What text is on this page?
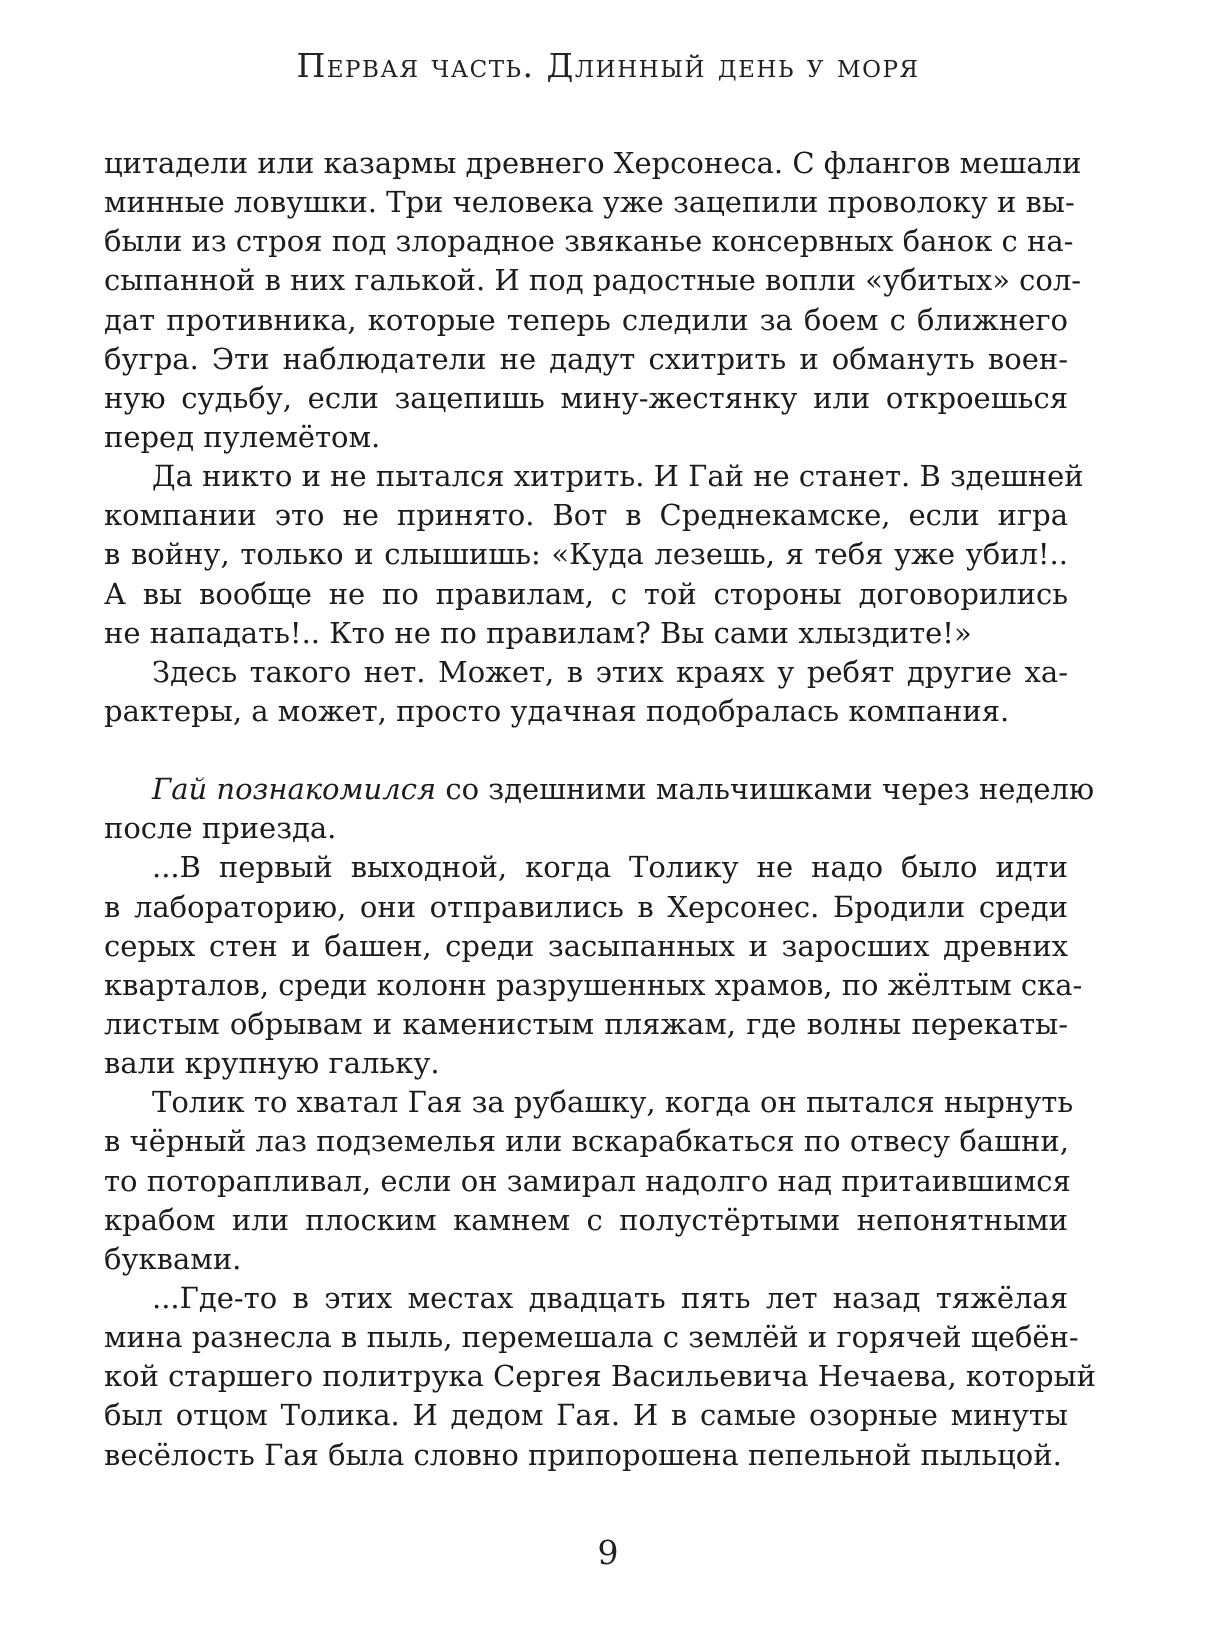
Первая часть. Длинный день у моря
цитадели или казармы древнего Херсонеса. С флангов мешали
минные ловушки. Три человека уже зацепили проволоку и вы-
были из строя под злорадное звяканье консервных банок с на-
сыпанной в них галькой. И под радостные вопли «убитых» сол-
дат противника, которые теперь следили за боем с ближнего
бугра. Эти наблюдатели не дадут схитрить и обмануть воен-
ную судьбу, если зацепишь мину-жестянку или откроешься
перед пулемётом.
Да никто и не пытался хитрить. И Гай не станет. В здешней
компании это не принято. Вот в Среднекамске, если игра
в войну, только и слышишь: «Куда лезешь, я тебя уже убил!..
А вы вообще не по правилам, с той стороны договорились
не нападать!.. Кто не по правилам? Вы сами хлыздите!»
Здесь такого нет. Может, в этих краях у ребят другие ха-
рактеры, а может, просто удачная подобралась компания.
Гай познакомился со здешними мальчишками через неделю
после приезда.
...В первый выходной, когда Толику не надо было идти
в лабораторию, они отправились в Херсонес. Бродили среди
серых стен и башен, среди засыпанных и заросших древних
кварталов, среди колонн разрушенных храмов, по жёлтым ска-
листым обрывам и каменистым пляжам, где волны перекаты-
вали крупную гальку.
Толик то хватал Гая за рубашку, когда он пытался нырнуть
в чёрный лаз подземелья или вскарабкаться по отвесу башни,
то поторапливал, если он замирал надолго над притаившимся
крабом или плоским камнем с полустёртыми непонятными
буквами.
...Где-то в этих местах двадцать пять лет назад тяжёлая
мина разнесла в пыль, перемешала с землёй и горячей щебён-
кой старшего политрука Сергея Васильевича Нечаева, который
был отцом Толика. И дедом Гая. И в самые озорные минуты
весёлость Гая была словно припорошена пепельной пыльцой.
9
